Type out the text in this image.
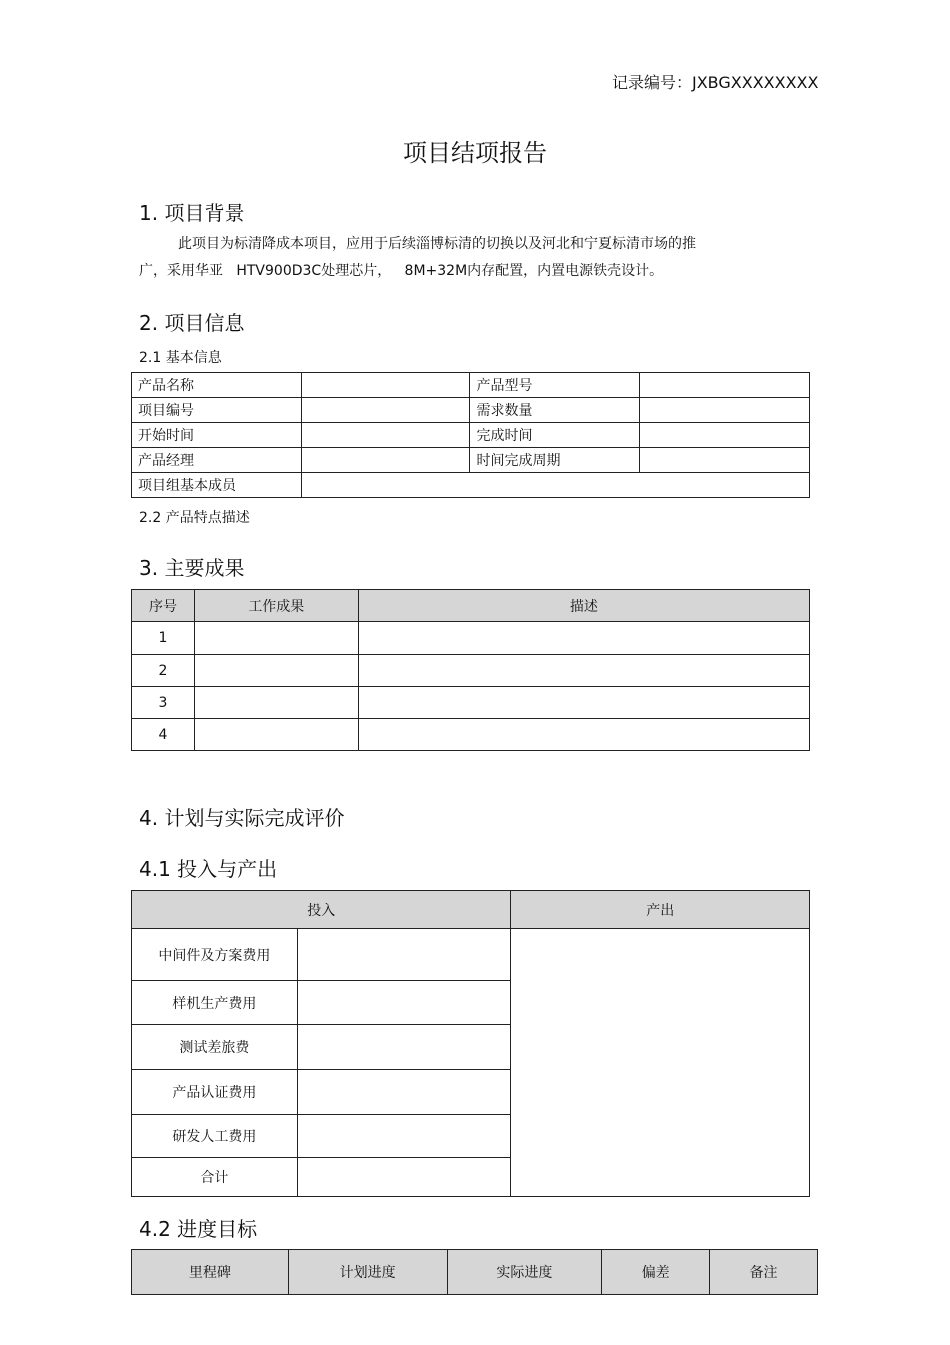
记录编号：JXBGXXXXXXXX
项目结项报告
1. 项目背景
此项目为标清降成本项目，应用于后续淄博标清的切换以及河北和宁夏标清市场的推
广，采用华亚   HTV900D3C处理芯片，   8M+32M内存配置，内置电源铁壳设计。
2. 项目信息
2.1 基本信息
产品名称		产品型号	
项目编号		需求数量	
开始时间		完成时间	
产品经理		时间完成周期	
项目组基本成员			
2.2 产品特点描述
3. 主要成果
序号	工作成果	描述
1		
2		
3		
4		
4. 计划与实际完成评价
4.1 投入与产出
投入		产出
中间件及方案费用		
样机生产费用		
测试差旅费		
产品认证费用		
研发人工费用		
合计		
4.2 进度目标
里程碑	计划进度	实际进度	偏差	备注
